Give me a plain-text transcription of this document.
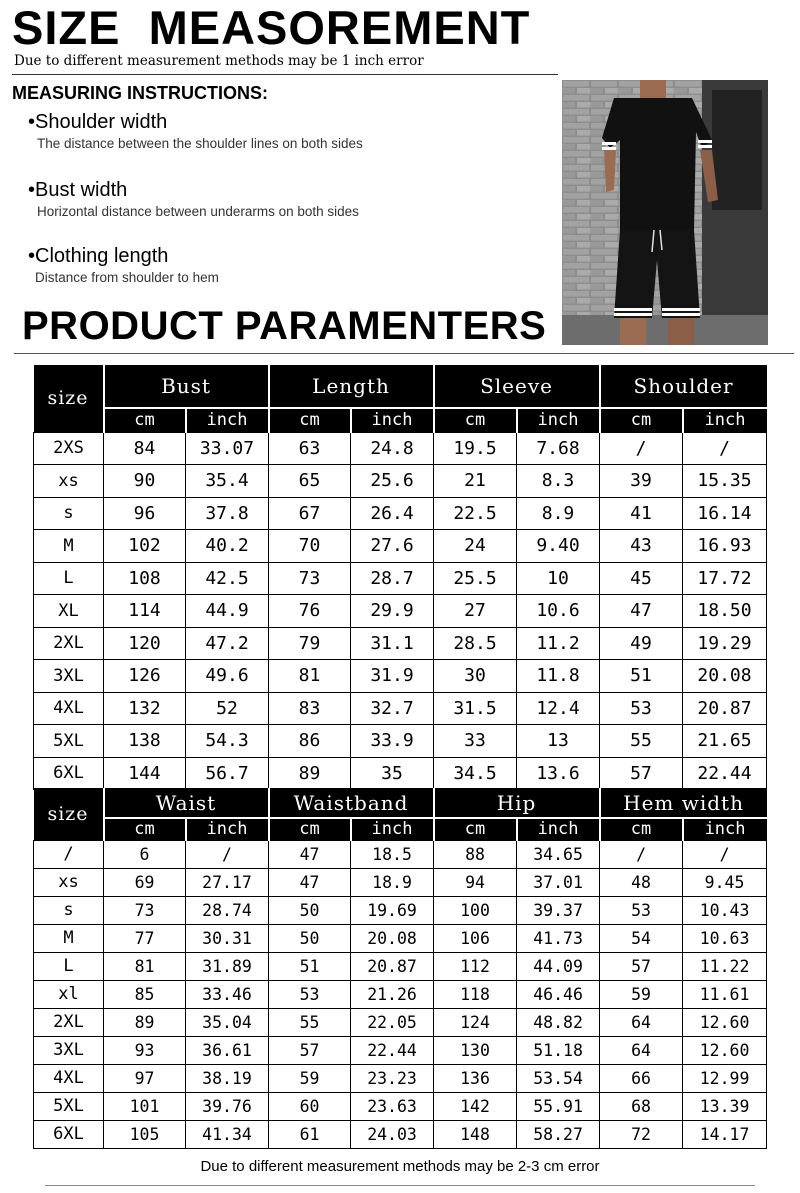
SIZE  MEASOREMENT
Due to different measurement methods may be 1 inch error
MEASURING INSTRUCTIONS:
•Shoulder width
The distance between the shoulder lines on both sides
•Bust width
Horizontal distance between underarms on both sides
•Clothing length
Distance from shoulder to hem
PRODUCT PARAMENTERS
size	Bust		Length		Sleeve		Shoulder	
	cm	inch	cm	inch	cm	inch	cm	inch
2XS	84	33.07	63	24.8	19.5	7.68	/	/
xs	90	35.4	65	25.6	21	8.3	39	15.35
s	96	37.8	67	26.4	22.5	8.9	41	16.14
M	102	40.2	70	27.6	24	9.40	43	16.93
L	108	42.5	73	28.7	25.5	10	45	17.72
XL	114	44.9	76	29.9	27	10.6	47	18.50
2XL	120	47.2	79	31.1	28.5	11.2	49	19.29
3XL	126	49.6	81	31.9	30	11.8	51	20.08
4XL	132	52	83	32.7	31.5	12.4	53	20.87
5XL	138	54.3	86	33.9	33	13	55	21.65
6XL	144	56.7	89	35	34.5	13.6	57	22.44
size	Waist		Waistband		Hip		Hem width	
	cm	inch	cm	inch	cm	inch	cm	inch
/	6	/	47	18.5	88	34.65	/	/
xs	69	27.17	47	18.9	94	37.01	48	9.45
s	73	28.74	50	19.69	100	39.37	53	10.43
M	77	30.31	50	20.08	106	41.73	54	10.63
L	81	31.89	51	20.87	112	44.09	57	11.22
xl	85	33.46	53	21.26	118	46.46	59	11.61
2XL	89	35.04	55	22.05	124	48.82	64	12.60
3XL	93	36.61	57	22.44	130	51.18	64	12.60
4XL	97	38.19	59	23.23	136	53.54	66	12.99
5XL	101	39.76	60	23.63	142	55.91	68	13.39
6XL	105	41.34	61	24.03	148	58.27	72	14.17
Due to different measurement methods may be 2-3 cm error
